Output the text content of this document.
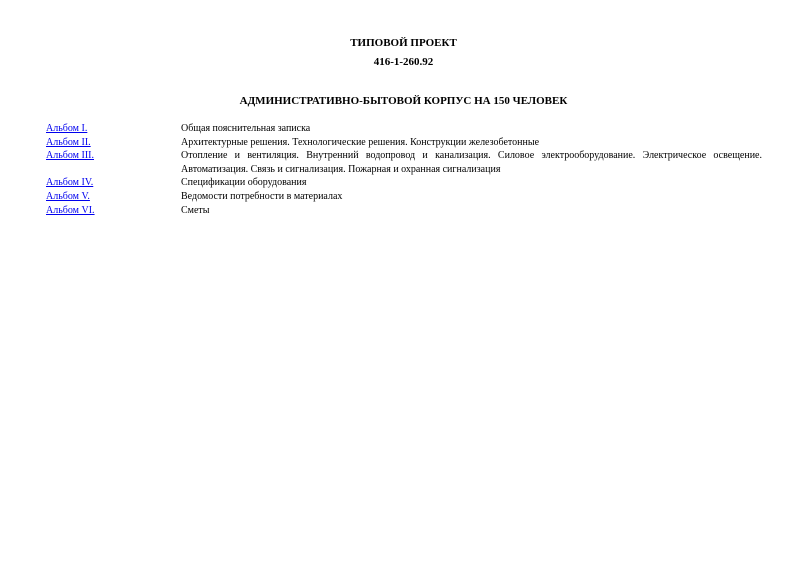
ТИПОВОЙ ПРОЕКТ
416-1-260.92
АДМИНИСТРАТИВНО-БЫТОВОЙ КОРПУС НА 150 ЧЕЛОВЕК
Альбом I.	Общая пояснительная записка
Альбом II.	Архитектурные решения. Технологические решения. Конструкции железобетонные
Альбом III.	Отопление и вентиляция. Внутренний водопровод и канализация. Силовое электрооборудование. Электрическое освещение. Автоматизация. Связь и сигнализация. Пожарная и охранная сигнализация
Альбом IV.	Спецификации оборудования
Альбом V.	Ведомости потребности в материалах
Альбом VI.	Сметы
